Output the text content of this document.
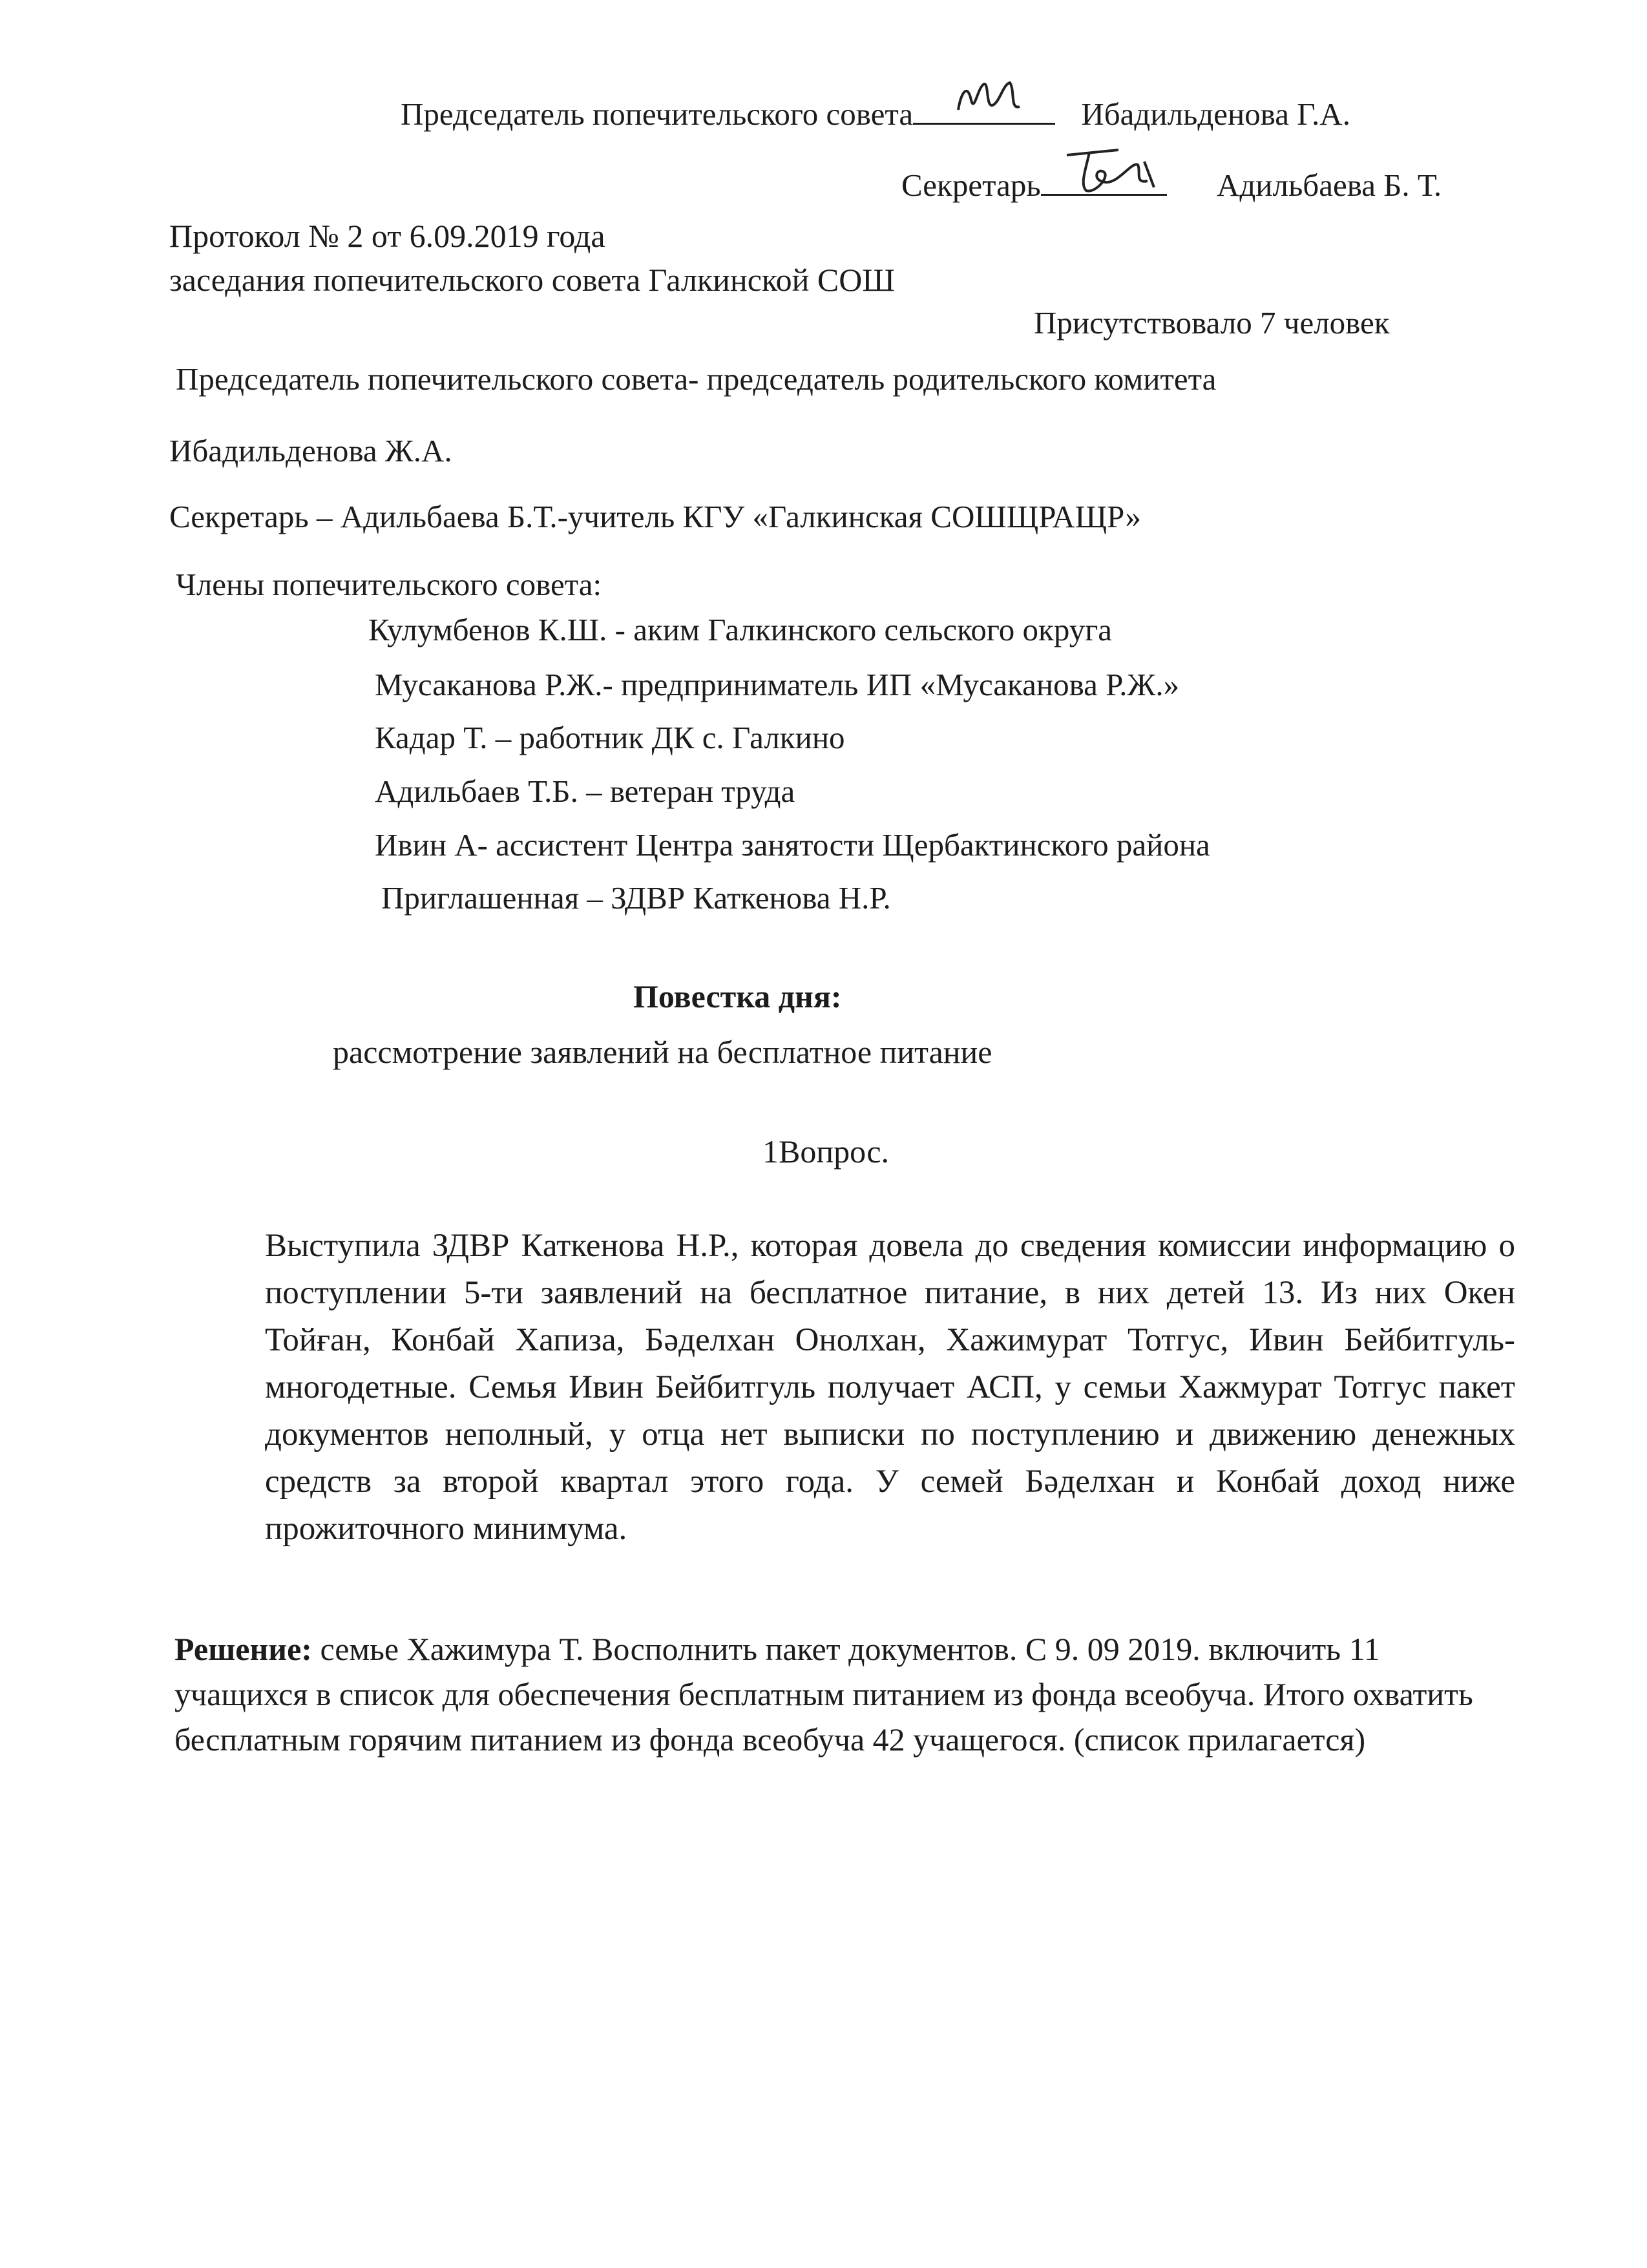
Председатель попечительского совета	Ибадильденова Г.А.
Секретарь	Адильбаева Б. Т.
Протокол № 2 от 6.09.2019 года
заседания попечительского совета Галкинской СОШ
Присутствовало 7 человек
Председатель попечительского совета- председатель родительского комитета
Ибадильденова Ж.А.
Секретарь – Адильбаева Б.Т.-учитель КГУ «Галкинская СОШЩРАЩР»
Члены попечительского совета:
Кулумбенов К.Ш. - аким Галкинского сельского округа
Мусаканова Р.Ж.- предприниматель ИП «Мусаканова Р.Ж.»
Кадар Т. – работник ДК с. Галкино
Адильбаев Т.Б. – ветеран труда
Ивин А- ассистент Центра занятости Щербактинского района
Приглашенная – ЗДВР Каткенова Н.Р.
Повестка дня:
рассмотрение заявлений на бесплатное питание
1Вопрос.
Выступила ЗДВР Каткенова Н.Р., которая довела до сведения комиссии информацию о поступлении 5-ти заявлений на бесплатное питание, в них детей 13. Из них Окен Тойған, Конбай Хапиза, Бәделхан Онолхан, Хажимурат Тотгус, Ивин Бейбитгуль-многодетные. Семья Ивин Бейбитгуль получает АСП, у семьи Хажмурат Тотгус пакет документов неполный, у отца нет выписки по поступлению и движению денежных средств за второй квартал этого года. У семей Бәделхан и Конбай доход ниже прожиточного минимума.
Решение: семье Хажимура Т. Восполнить пакет документов. С 9. 09 2019. включить 11 учащихся в список для обеспечения бесплатным питанием из фонда всеобуча. Итого охватить бесплатным горячим питанием из фонда всеобуча 42 учащегося. (список прилагается)
